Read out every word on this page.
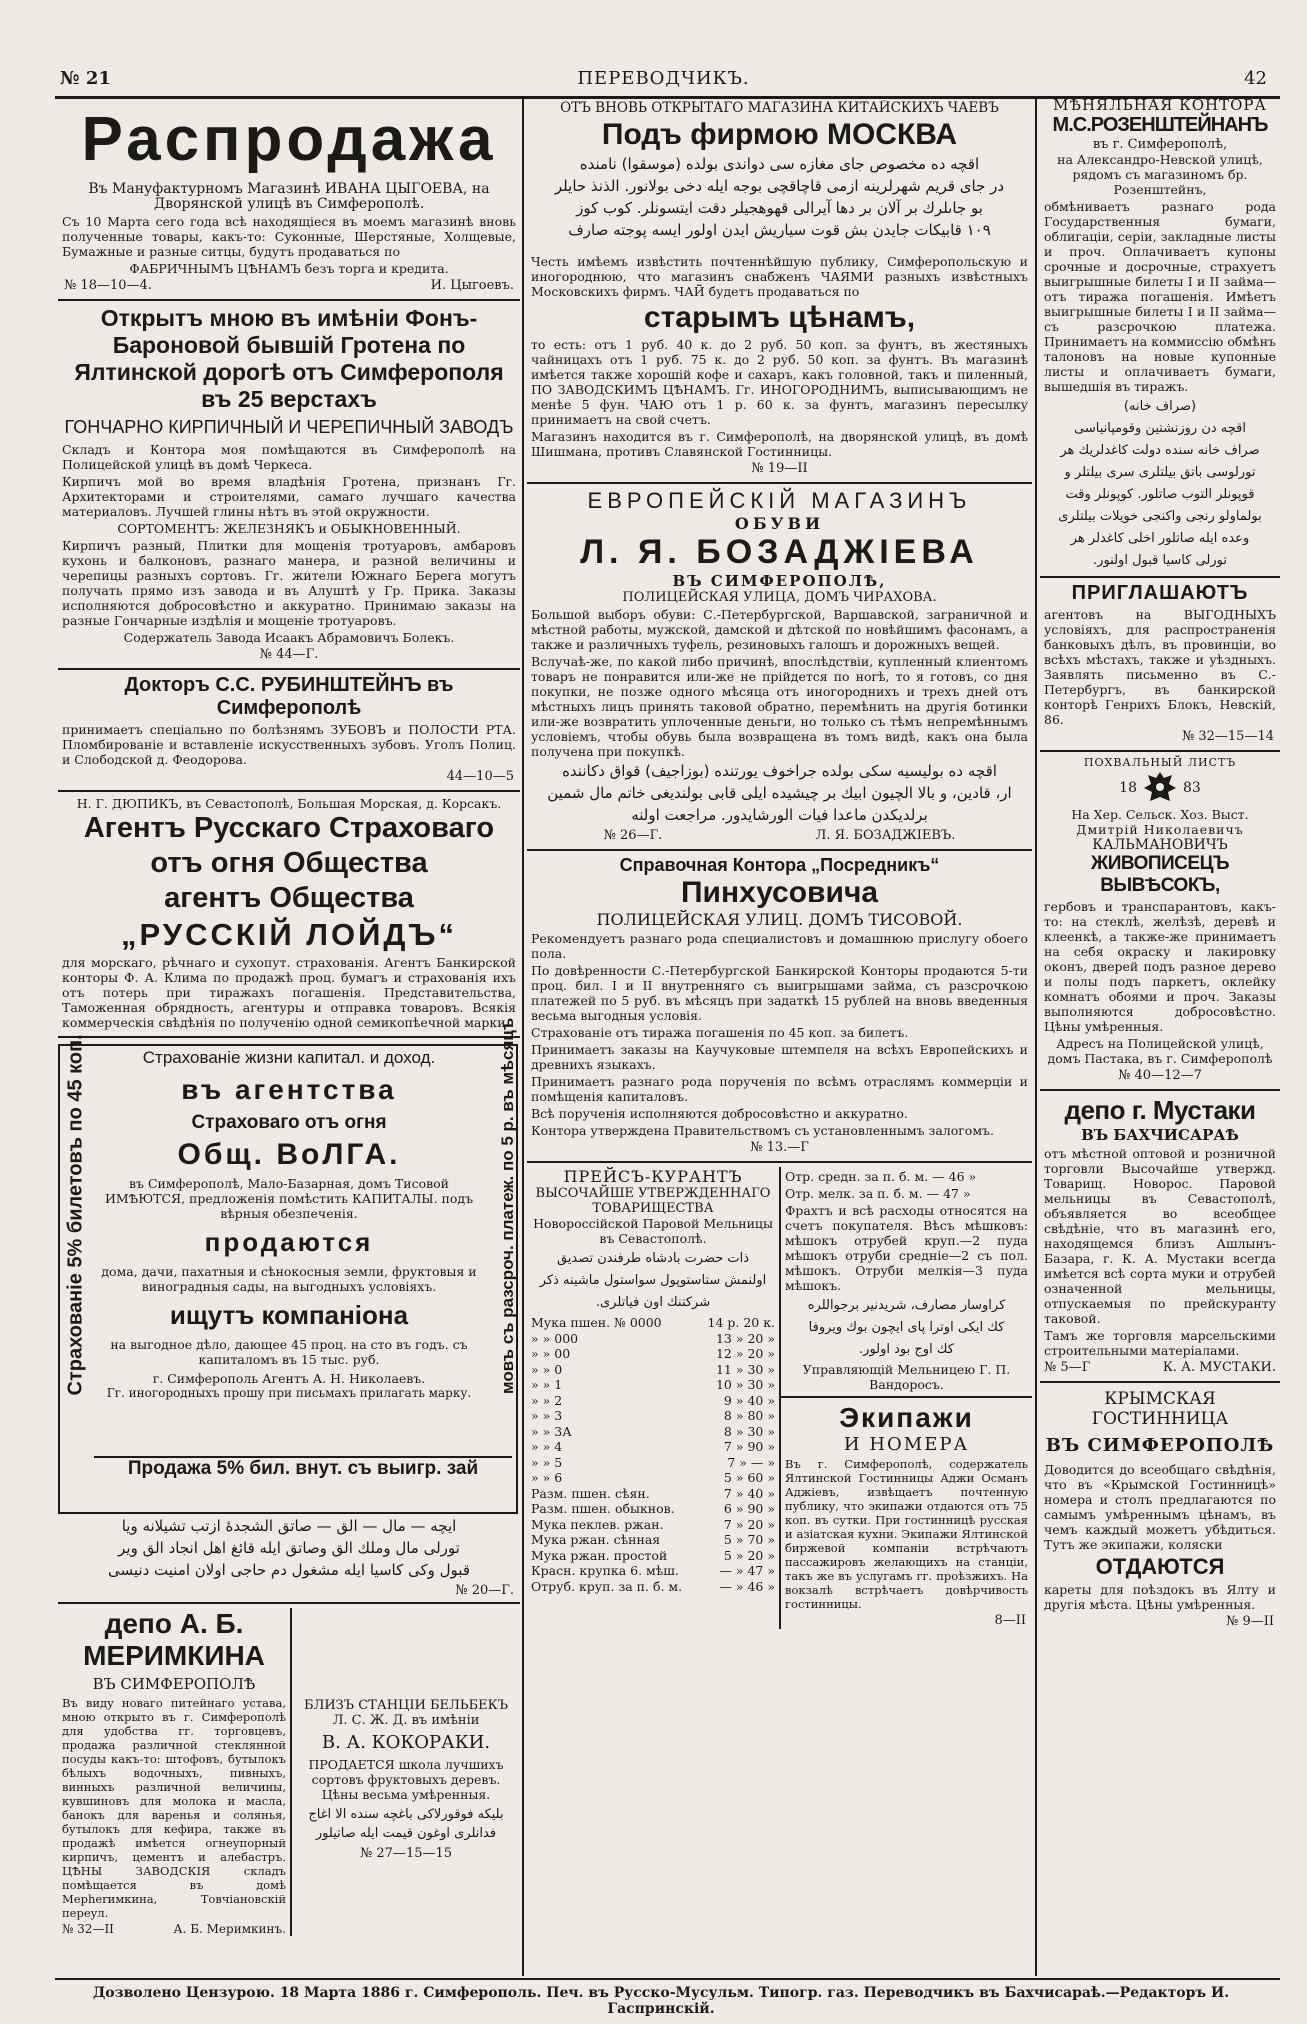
№ 21	ПЕРЕВОДЧИКЪ.	42
Распродажа
Въ Мануфактурномъ Магазинѣ ИВАНА ЦЫГОЕВА, на Дворянской улицѣ въ Симферополѣ.
Съ 10 Марта сего года всѣ находящіеся въ моемъ магазинѣ вновь полученные товары, какъ-то: Суконные, Шерстяные, Холщевые, Бумажные и разные ситцы, будутъ продаваться по
ФАБРИЧНЫМЪ ЦѢНАМЪ безъ торга и кредита.
№ 18—10—4.	И. Цыгоевъ.
Открытъ мною въ имѣніи Фонъ-Бароновой бывшій Гротена по Ялтинской дорогѣ отъ Симферополя въ 25 верстахъ
ГОНЧАРНО КИРПИЧНЫЙ И ЧЕРЕПИЧНЫЙ ЗАВОДЪ
Складъ и Контора моя помѣщаются въ Симферополѣ на Полицейской улицѣ въ домѣ Черкеса.
Кирпичъ мой во время владѣнія Гротена, признанъ Гг. Архитекторами и строителями, самаго лучшаго качества материаловъ. Лучшей глины нѣтъ въ этой окружности.
СОРТОМЕНТЪ: ЖЕЛЕЗНЯКЪ и ОБЫКНОВЕННЫЙ.
Кирпичъ разный, Плитки для мощенія тротуаровъ, амбаровъ кухонь и балконовъ, разнаго манера, и разной величины и черепицы разныхъ сортовъ. Гг. жители Южнаго Берега могутъ получать прямо изъ завода и въ Алуштѣ у Гр. Прика. Заказы исполняются добросовѣстно и аккуратно. Принимаю заказы на разные Гончарные издѣлія и мощеніе тротуаровъ.
Содержатель Завода Исаакъ Абрамовичъ Болекъ.
№ 44—Г.
Докторъ С.С. РУБИНШТЕЙНЪ въ Симферополѣ
принимаетъ спеціально по болѣзнямъ ЗУБОВЪ и ПОЛОСТИ РТА. Пломбированіе и вставленіе искусственныхъ зубовъ. Уголъ Полиц. и Слободской д. Феодорова.
44—10—5
Н. Г. ДЮПИКЪ, въ Севастополѣ, Большая Морская, д. Корсакъ.
Агентъ Русскаго Страховаго
отъ огня Общества
агентъ Общества
„РУССКІЙ ЛОЙДЪ“
для морскаго, рѣчнаго и сухопут. страхованія. Агентъ Банкирской конторы Ф. А. Клима по продажѣ проц. бумагъ и страхованія ихъ отъ потерь при тиражахъ погашенія. Представительства, Таможенная обрядность, агентуры и отправка товаровъ. Всякія коммерческія свѣдѣнія по полученію одной семикопѣечной марки.
Страхованіе 5% билетовъ по 45 коп.	мовъ съ разсроч. платеж. по 5 р. въ мѣсяцъ
Страхованіе жизни капитал. и доход.
въ агентства
Страховаго отъ огня
Общ. ВоЛГА.
въ Симферополѣ, Мало-Базарная, домъ Тисовой
ИМѢЮТСЯ, предложенія помѣстить КАПИТАЛЫ. подъ вѣрныя обезпеченія.
продаются
дома, дачи, пахатныя и сѣнокосныя земли, фруктовыя и виноградныя сады, на выгодныхъ условіяхъ.
ищутъ компаніона
на выгодное дѣло, дающее 45 проц. на сто въ годъ. съ капиталомъ въ 15 тыс. руб.
г. Симферополь Агентъ А. Н. Николаевъ.
Гг. иногородныхъ прошу при письмахъ прилагать марку.
Продажа 5% бил. внут. съ выигр. зай
ايچه — مال — الق — صاتق الشجدهٔ ازتب تشيلانه ويا
تورلى مال وملك الق وصاتق ايله قائغ اهل انجاد الق وير
قبول وكى كاسيا ايله مشغول دم حاجى اولان امنيت دنيسى
№ 20—Г.
депо А. Б.
МЕРИМКИНА
ВЪ СИМФЕРОПОЛѢ
Въ виду новаго питейнаго устава, мною открыто въ г. Симферополѣ для удобства гг. торговцевъ, продажа различной стеклянной посуды какъ-то: штофовъ, бутылокъ бѣлыхъ водочныхъ, пивныхъ, винныхъ различной величины, кувшиновъ для молока и масла, банокъ для варенья и солянья, бутылокъ для кефира, также въ продажѣ имѣется огнеупорный кирпичъ, цементъ и алебастръ. ЦѢНЫ ЗАВОДСКІЯ складъ помѣщается въ домѣ Мерherимкина, Товчіановскій переул.
№ 32—II	А. Б. Меримкинъ.
БЛИЗЪ СТАНЦІИ БЕЛЬБЕКЪ
Л. С. Ж. Д. въ имѣніи
В. А. КОКОРАКИ.
ПРОДАЕТСЯ школа лучшихъ сортовъ фруктовыхъ деревъ. Цѣны весьма умѣренныя.
بليكه فوقورلاكى باغچه سنده الا اغاج فدانلرى اوغون قيمت ايله صاتيلور
№ 27—15—15
ОТЪ ВНОВЬ ОТКРЫТАГО МАГАЗИНА КИТАЙСКИХЪ ЧАЕВЪ
Подъ фирмою МОСКВА
اقچه ده مخصوص جاى مغازه سى دواندى بولده (موسقوا) نامنده
در جاى قريم شهرلرينه ازمى قاچاقچى بوجه ايله دخى بولانور. الذنذ حايلر
بو جاىلرك بر آلان بر دها آيرالى قهوهجيلر دقت ايتسونلر. كوب كوز
١٠٩ قابيكات جايدن بش قوت سياريش ايدن اولور ايسه پوجته صارف
Честь имѣемъ извѣстить почтеннѣйшую публику, Симферопольскую и иногороднюю, что магазинъ снабженъ ЧАЯМИ разныхъ извѣстныхъ Московскихъ фирмъ. ЧАЙ будетъ продаваться по
старымъ цѣнамъ,
то есть: отъ 1 руб. 40 к. до 2 руб. 50 коп. за фунтъ, въ жестяныхъ чайницахъ отъ 1 руб. 75 к. до 2 руб. 50 коп. за фунтъ. Въ магазинѣ имѣется также хорошій кофе и сахаръ, какъ головной, такъ и пиленный, ПО ЗАВОДСКИМЪ ЦѢНАМЪ. Гг. ИНОГОРОДНИМЪ, выписывающимъ не менѣе 5 фун. ЧАЮ отъ 1 р. 60 к. за фунтъ, магазинъ пересылку принимаетъ на свой счетъ.
Магазинъ находится въ г. Симферополѣ, на дворянской улицѣ, въ домѣ Шишмана, противъ Славянской Гостинницы.
№ 19—II
ЕВРОПЕЙСКІЙ МАГАЗИНЪ
ОБУВИ
Л. Я. БОЗАДЖІЕВА
ВЪ СИМФЕРОПОЛѢ,
ПОЛИЦЕЙСКАЯ УЛИЦА, ДОМЪ ЧИРАХОВА.
Большой выборъ обуви: С.-Петербургской, Варшавской, заграничной и мѣстной работы, мужской, дамской и дѣтской по новѣйшимъ фасонамъ, а также и различныхъ туфель, резиновыхъ галошъ и дорожныхъ вещей.
Вслучаѣ-же, по какой либо причинѣ, впослѣдствіи, купленный клиентомъ товаръ не понравится или-же не прійдется по ногѣ, то я готовъ, со дня покупки, не позже одного мѣсяца отъ иногороднихъ и трехъ дней отъ мѣстныхъ лицъ принять таковой обратно, перемѣнить на другія ботинки или-же возвратить уплоченные деньги, но только съ тѣмъ непремѣннымъ условіемъ, чтобы обувь была возвращена въ томъ видѣ, какъ она была получена при покупкѣ.
اقچه ده بوليسيه سكى بولده جراخوف يورتنده (بوزاجيف) قواق دكاننده
ار، قادين، و بالا الچيون ابيك بر چيشيده ايلى قابى بولنديغى خاتم مال شمين
برلديكدن ماعدا فيات الورشايدور. مراجعت اولنه
№ 26—Г.	Л. Я. БОЗАДЖІЕВЪ.
Справочная Контора „Посредникъ“
Пинхусовича
ПОЛИЦЕЙСКАЯ УЛИЦ. ДОМЪ ТИСОВОЙ.
Рекомендуетъ разнаго рода специалистовъ и домашнюю прислугу обоего пола.
По довѣренности С.-Петербургской Банкирской Конторы продаются 5-ти проц. бил. I и II внутренняго съ выигрышами займа, съ разсрочкою платежей по 5 руб. въ мѣсяцъ при задаткѣ 15 рублей на вновь введенныя весьма выгодныя условія.
Страхованіе отъ тиража погашенія по 45 коп. за билетъ.
Принимаетъ заказы на Каучуковые штемпеля на всѣхъ Европейскихъ и древнихъ языкахъ.
Принимаетъ разнаго рода порученія по всѣмъ отраслямъ коммерціи и помѣщенія капиталовъ.
Всѣ порученія исполняются добросовѣстно и аккуратно.
Контора утверждена Правительствомъ съ установленнымъ залогомъ.
№ 13.—Г
ПРЕЙСЪ-КУРАНТЪ
ВЫСОЧАЙШЕ УТВЕРЖДЕННАГО ТОВАРИЩЕСТВА
Новороссійской Паровой Мельницы въ Севастополѣ.
ذات حضرت بادشاه طرفندن تصديق
اولنمش ستاستوپول سواستول ماشينه ذكر
شركتنك اون فياتلرى.
Мука пшен. № 0000	14 р. 20 к.
» » 000	13 » 20 »
» » 00	12 » 20 »
» » 0	11 » 30 »
» » 1	10 » 30 »
» » 2	9 » 40 »
» » 3	8 » 80 »
» » 3А	8 » 30 »
» » 4	7 » 90 »
» » 5	7 » — »
» » 6	5 » 60 »
Разм. пшен. сѣян.	7 » 40 »
Разм. пшен. обыкнов.	6 » 90 »
Мука пеклев. ржан.	7 » 20 »
Мука ржан. сѣнная	5 » 70 »
Мука ржан. простой	5 » 20 »
Красн. крупка 6. мѣш.	— » 47 »
Отруб. круп. за п. б. м.	— » 46 »
Отр. средн. за п. б. м. — 46 »
Отр. мелк. за п. б. м. — 47 »
Фрахтъ и всѣ расходы относятся на счетъ покупателя. Вѣсъ мѣшковъ: мѣшокъ отрубей круп.—2 пуда мѣшокъ отруби средніе—2 съ пол. мѣшокъ. Отруби мелкія—3 пуда мѣшокъ.
كراوسار مصارف، شريدنير برجواللره
كك ايكى اوترا پاى ايچون بوك ويروفا
كك اوج بود اولور.
Управляющій Мельницею Г. П. Вандоросъ.
Экипажи
И НОМЕРА
Въ г. Симферополѣ, содержатель Ялтинской Гостинницы Аджи Османъ Аджіевъ, извѣщаетъ почтенную публику, что экипажи отдаются отъ 75 коп. въ сутки. При гостинницѣ русская и азіатская кухни. Экипажи Ялтинской биржевой компаніи встрѣчаютъ пассажировъ желающихъ на станціи, такъ же въ услугамъ гг. проѣзжихъ. На вокзалѣ встрѣчаетъ довѣрчивость гостинницы.
8—II
МѢНЯЛЬНАЯ КОНТОРА
М.С.РОЗЕНШТЕЙНАНЪ
въ г. Симферополѣ,
на Александро-Невской улицѣ, рядомъ съ магазиномъ бр. Розенштейнъ,
обмѣниваетъ разнаго рода Государственныя бумаги, облигаціи, серіи, закладные листы и проч. Оплачиваетъ купоны срочные и досрочные, страхуетъ выигрышные билеты I и II займа—отъ тиража погашенія. Имѣетъ выигрышные билеты I и II займа—съ разсрочкою платежа. Принимаетъ на коммиссію обмѣнъ талоновъ на новые купонные листы и оплачиваетъ бумаги, вышедшія въ тиражъ.
(صراف خانه)
اقچه دن روزنشتين وقومپانياسى
صراف خانه سنده دولت كاغدلريك هر
تورلوسى باتق بيلتلرى سرى بيلتلر و
قوپونلر التوب صاتلور. كوپونلر وقت
بولماولو رنجى واكنجى خويلات بيلتلرى
وعده ايله صاتلور اخلى كاغدلر هر
تورلى كاسيا قبول اولنور.
ПРИГЛАШАЮТЪ
агентовъ на ВЫГОДНЫХЪ условіяхъ, для распространенія банковыхъ дѣлъ, въ провинціи, во всѣхъ мѣстахъ, также и уѣздныхъ. Заявлять письменно въ С.-Петербургъ, въ банкирской конторѣ Генрихъ Блокъ, Невскій, 86.
№ 32—15—14
ПОХВАЛЬНЫЙ ЛИСТЪ
18	83
На Хер. Сельск. Хоз. Выст.
Дмитрій Николаевичъ
КАЛЬМАНОВИЧЪ
ЖИВОПИСЕЦЪ ВЫВѢСОКЪ,
гербовъ и транспарантовъ, какъ-то: на стеклѣ, желѣзѣ, деревѣ и клеенкѣ, а также-же принимаетъ на себя окраску и лакировку оконъ, дверей подъ разное дерево и полы подъ паркетъ, оклейку комнатъ обоями и проч. Заказы выполняются добросовѣстно. Цѣны умѣренныя.
Адресъ на Полицейской улицѣ, домъ Пастака, въ г. Симферополѣ
№ 40—12—7
депо г. Мустаки
ВЪ БАХЧИСАРАѢ
отъ мѣстной оптовой и розничной торговли Высочайше утвержд. Товарищ. Новорос. Паровой мельницы въ Севастополѣ, объявляется во всеобщее свѣдѣніе, что въ магазинѣ его, находящемся близъ Ашлынъ-Базара, г. К. А. Мустаки всегда имѣется всѣ сорта муки и отрубей означенной мельницы, отпускаемыя по прейскуранту таковой.
Тамъ же торговля марсельскими строительными матеріалами.
№ 5—Г	К. А. МУСТАКИ.
КРЫМСКАЯ ГОСТИННИЦА
ВЪ СИМФЕРОПОЛѢ
Доводится до всеобщаго свѣдѣнія, что въ «Крымской Гостинницѣ» номера и столъ предлагаются по самымъ умѣреннымъ цѣнамъ, въ чемъ каждый можетъ убѣдиться. Тутъ же экипажи, коляски
ОТДАЮТСЯ
кареты для поѣздокъ въ Ялту и другія мѣста. Цѣны умѣренныя.
№ 9—II
Дозволено Цензурою. 18 Марта 1886 г. Симферополь. Печ. въ Русско-Мусульм. Типогр. газ. Переводчикъ въ Бахчисараѣ.—Редакторъ И. Гаспринскій.
